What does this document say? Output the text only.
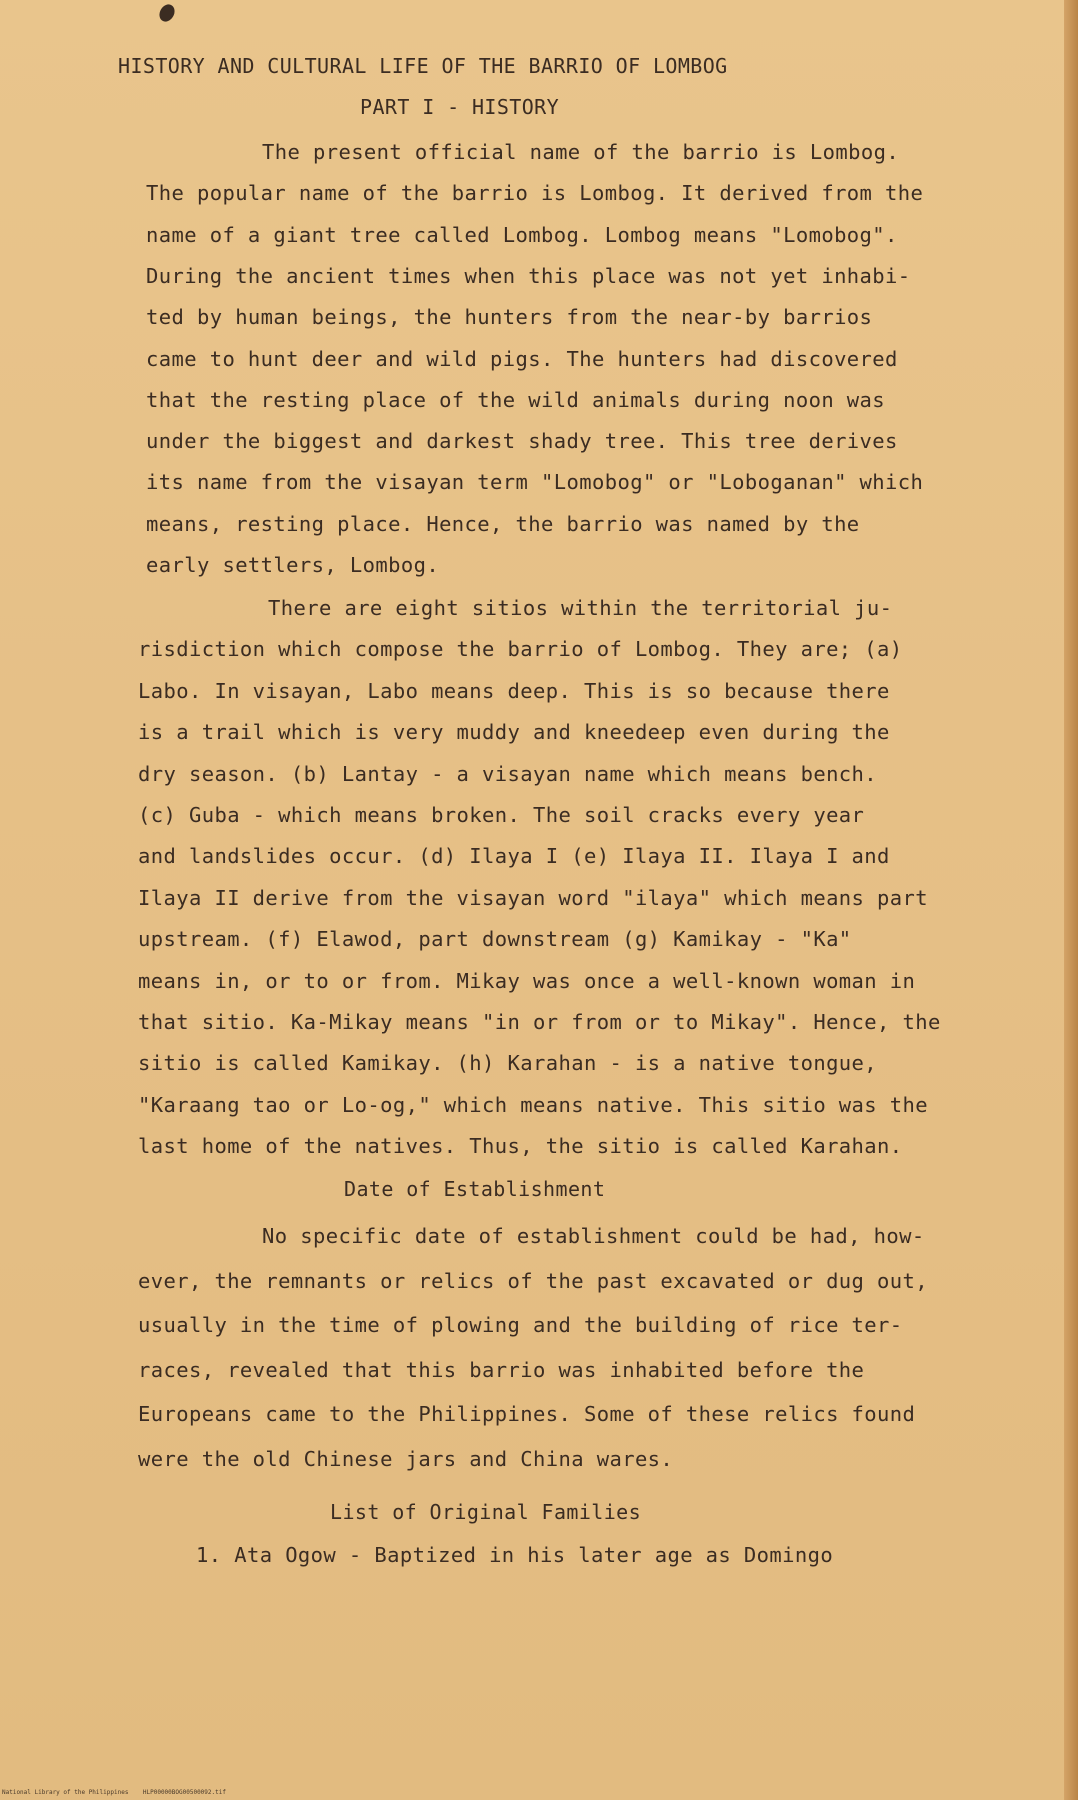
HISTORY AND CULTURAL LIFE OF THE BARRIO OF LOMBOG
PART I - HISTORY
The present official name of the barrio is Lombog.
The popular name of the barrio is Lombog. It derived from the
name of a giant tree called Lombog. Lombog means "Lomobog".
During the ancient times when this place was not yet inhabi-
ted by human beings, the hunters from the near-by barrios
came to hunt deer and wild pigs. The hunters had discovered
that the resting place of the wild animals during noon was
under the biggest and darkest shady tree. This tree derives
its name from the visayan term "Lomobog" or "Loboganan" which
means, resting place. Hence, the barrio was named by the
early settlers, Lombog.
There are eight sitios within the territorial ju-
risdiction which compose the barrio of Lombog. They are; (a)
Labo. In visayan, Labo means deep. This is so because there
is a trail which is very muddy and kneedeep even during the
dry season. (b) Lantay - a visayan name which means bench.
(c) Guba - which means broken. The soil cracks every year
and landslides occur. (d) Ilaya I (e) Ilaya II. Ilaya I and
Ilaya II derive from the visayan word "ilaya" which means part
upstream. (f) Elawod, part downstream (g) Kamikay - "Ka"
means in, or to or from. Mikay was once a well-known woman in
that sitio. Ka-Mikay means "in or from or to Mikay". Hence, the
sitio is called Kamikay. (h) Karahan - is a native tongue,
"Karaang tao or Lo-og," which means native. This sitio was the
last home of the natives. Thus, the sitio is called Karahan.
Date of Establishment
No specific date of establishment could be had, how-
ever, the remnants or relics of the past excavated or dug out,
usually in the time of plowing and the building of rice ter-
races, revealed that this barrio was inhabited before the
Europeans came to the Philippines. Some of these relics found
were the old Chinese jars and China wares.
List of Original Families
1. Ata Ogow - Baptized in his later age as Domingo
National Library of the Philippines    HLP00000BOG00500092.tif
